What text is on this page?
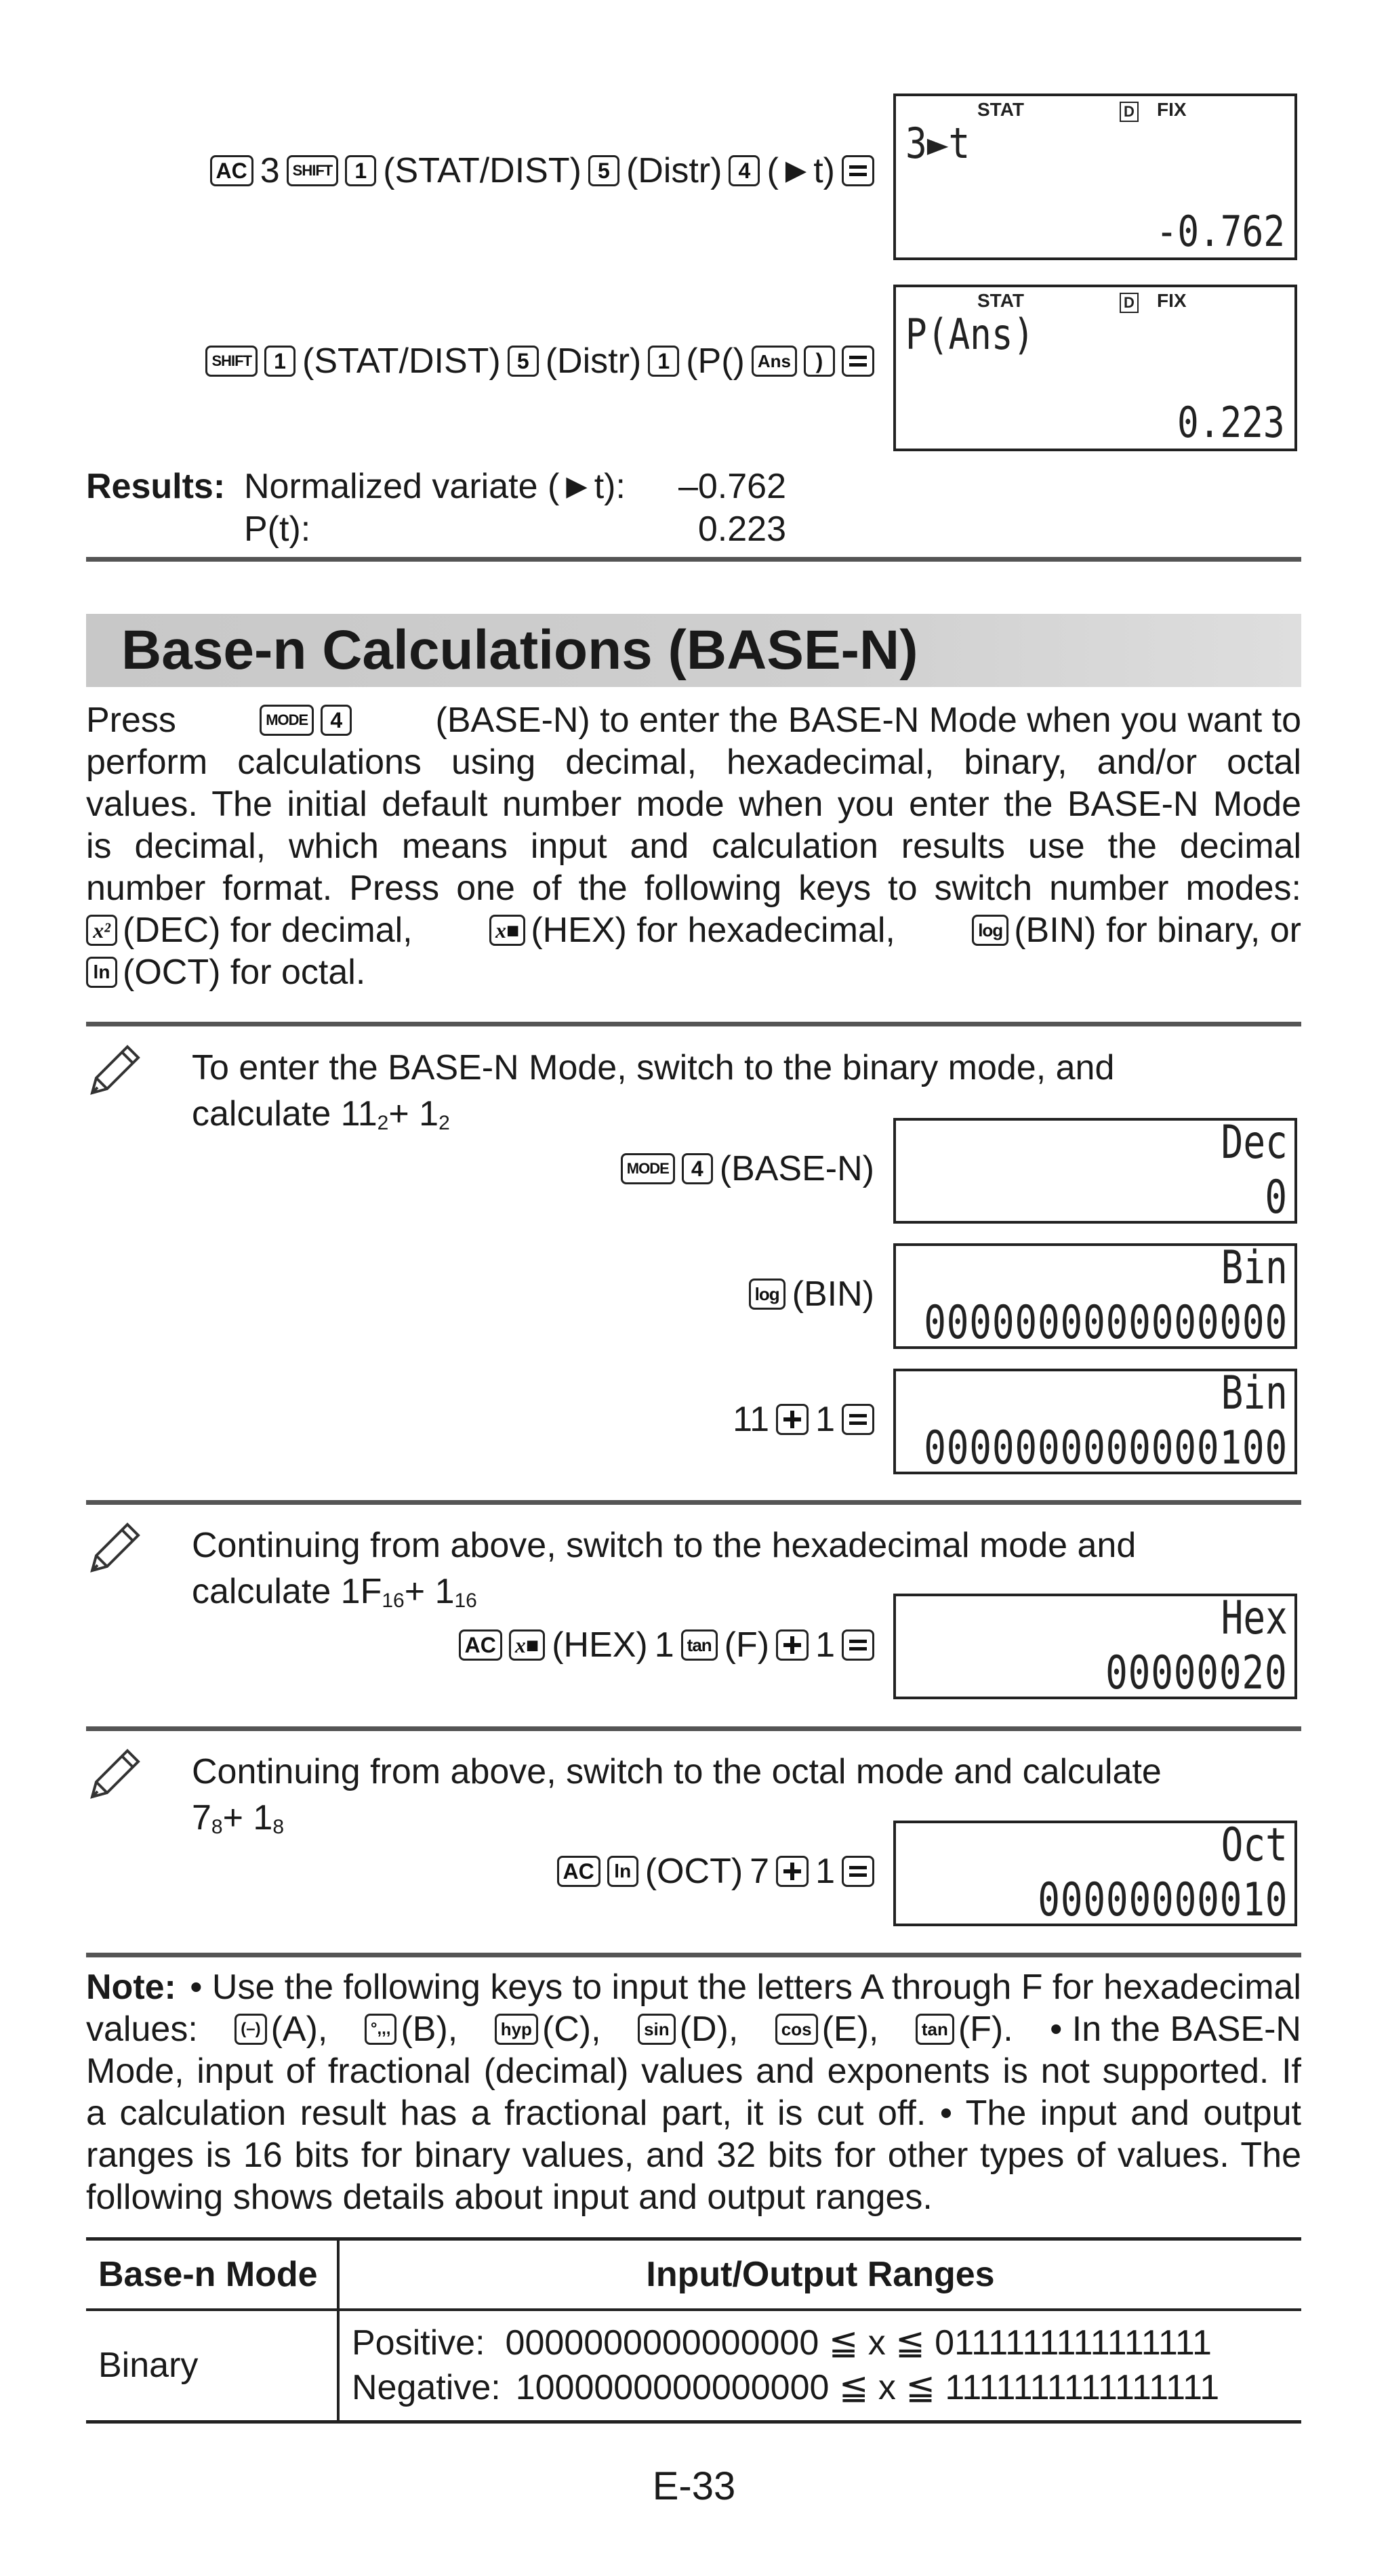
AC 3 SHIFT	1 (STAT/DIST) 5 (Distr) 4 (►t)
STAT	D FIX
3►t
-0.762
SHIFT	1 (STAT/DIST) 5 (Distr) 1 (P() Ans	)
STAT	D FIX
P(Ans)
0.223
Results: Normalized variate (►t): –0.762
P(t):	0.223
Base-n Calculations (BASE-N)
Press	MODE	4	(BASE-N) to enter the BASE-N Mode when you want to
perform calculations using decimal, hexadecimal, binary, and/or octal
values. The initial default number mode when you enter the BASE-N Mode
is decimal, which means input and calculation results use the decimal
number format. Press one of the following keys to switch number modes:
x² (DEC) for decimal,	x■ (HEX) for hexadecimal,	log (BIN) for binary, or
ln (OCT) for octal.
To enter the BASE-N Mode, switch to the binary mode, and
calculate $11_2+ 1_2$
MODE	4 (BASE-N)	Dec
0
log (BIN)	Bin
0000000000000000
11 1	Bin
0000000000000100
Continuing from above, switch to the hexadecimal mode and
calculate $1F_{16}+ 1_{16}$
AC x■ (HEX) 1 tan (F) 1	Hex
00000020
Continuing from above, switch to the octal mode and calculate
$7_8+ 1_8$
AC	ln (OCT) 7 1	Oct
00000000010
Note: • Use the following keys to input the letters A through F for hexadecimal
values:	(–) (A),	°,,, (B),	hyp (C),	sin (D),	cos (E),	tan (F). • In the BASE-N
Mode, input of fractional (decimal) values and exponents is not supported. If
a calculation result has a fractional part, it is cut off. • The input and output
ranges is 16 bits for binary values, and 32 bits for other types of values. The
following shows details about input and output ranges.
Base-n Mode	Input/Output Ranges
Binary	Positive: 0000000000000000 ≦ x ≦ 0111111111111111
Negative: 1000000000000000 ≦ x ≦ 1111111111111111
E-33
